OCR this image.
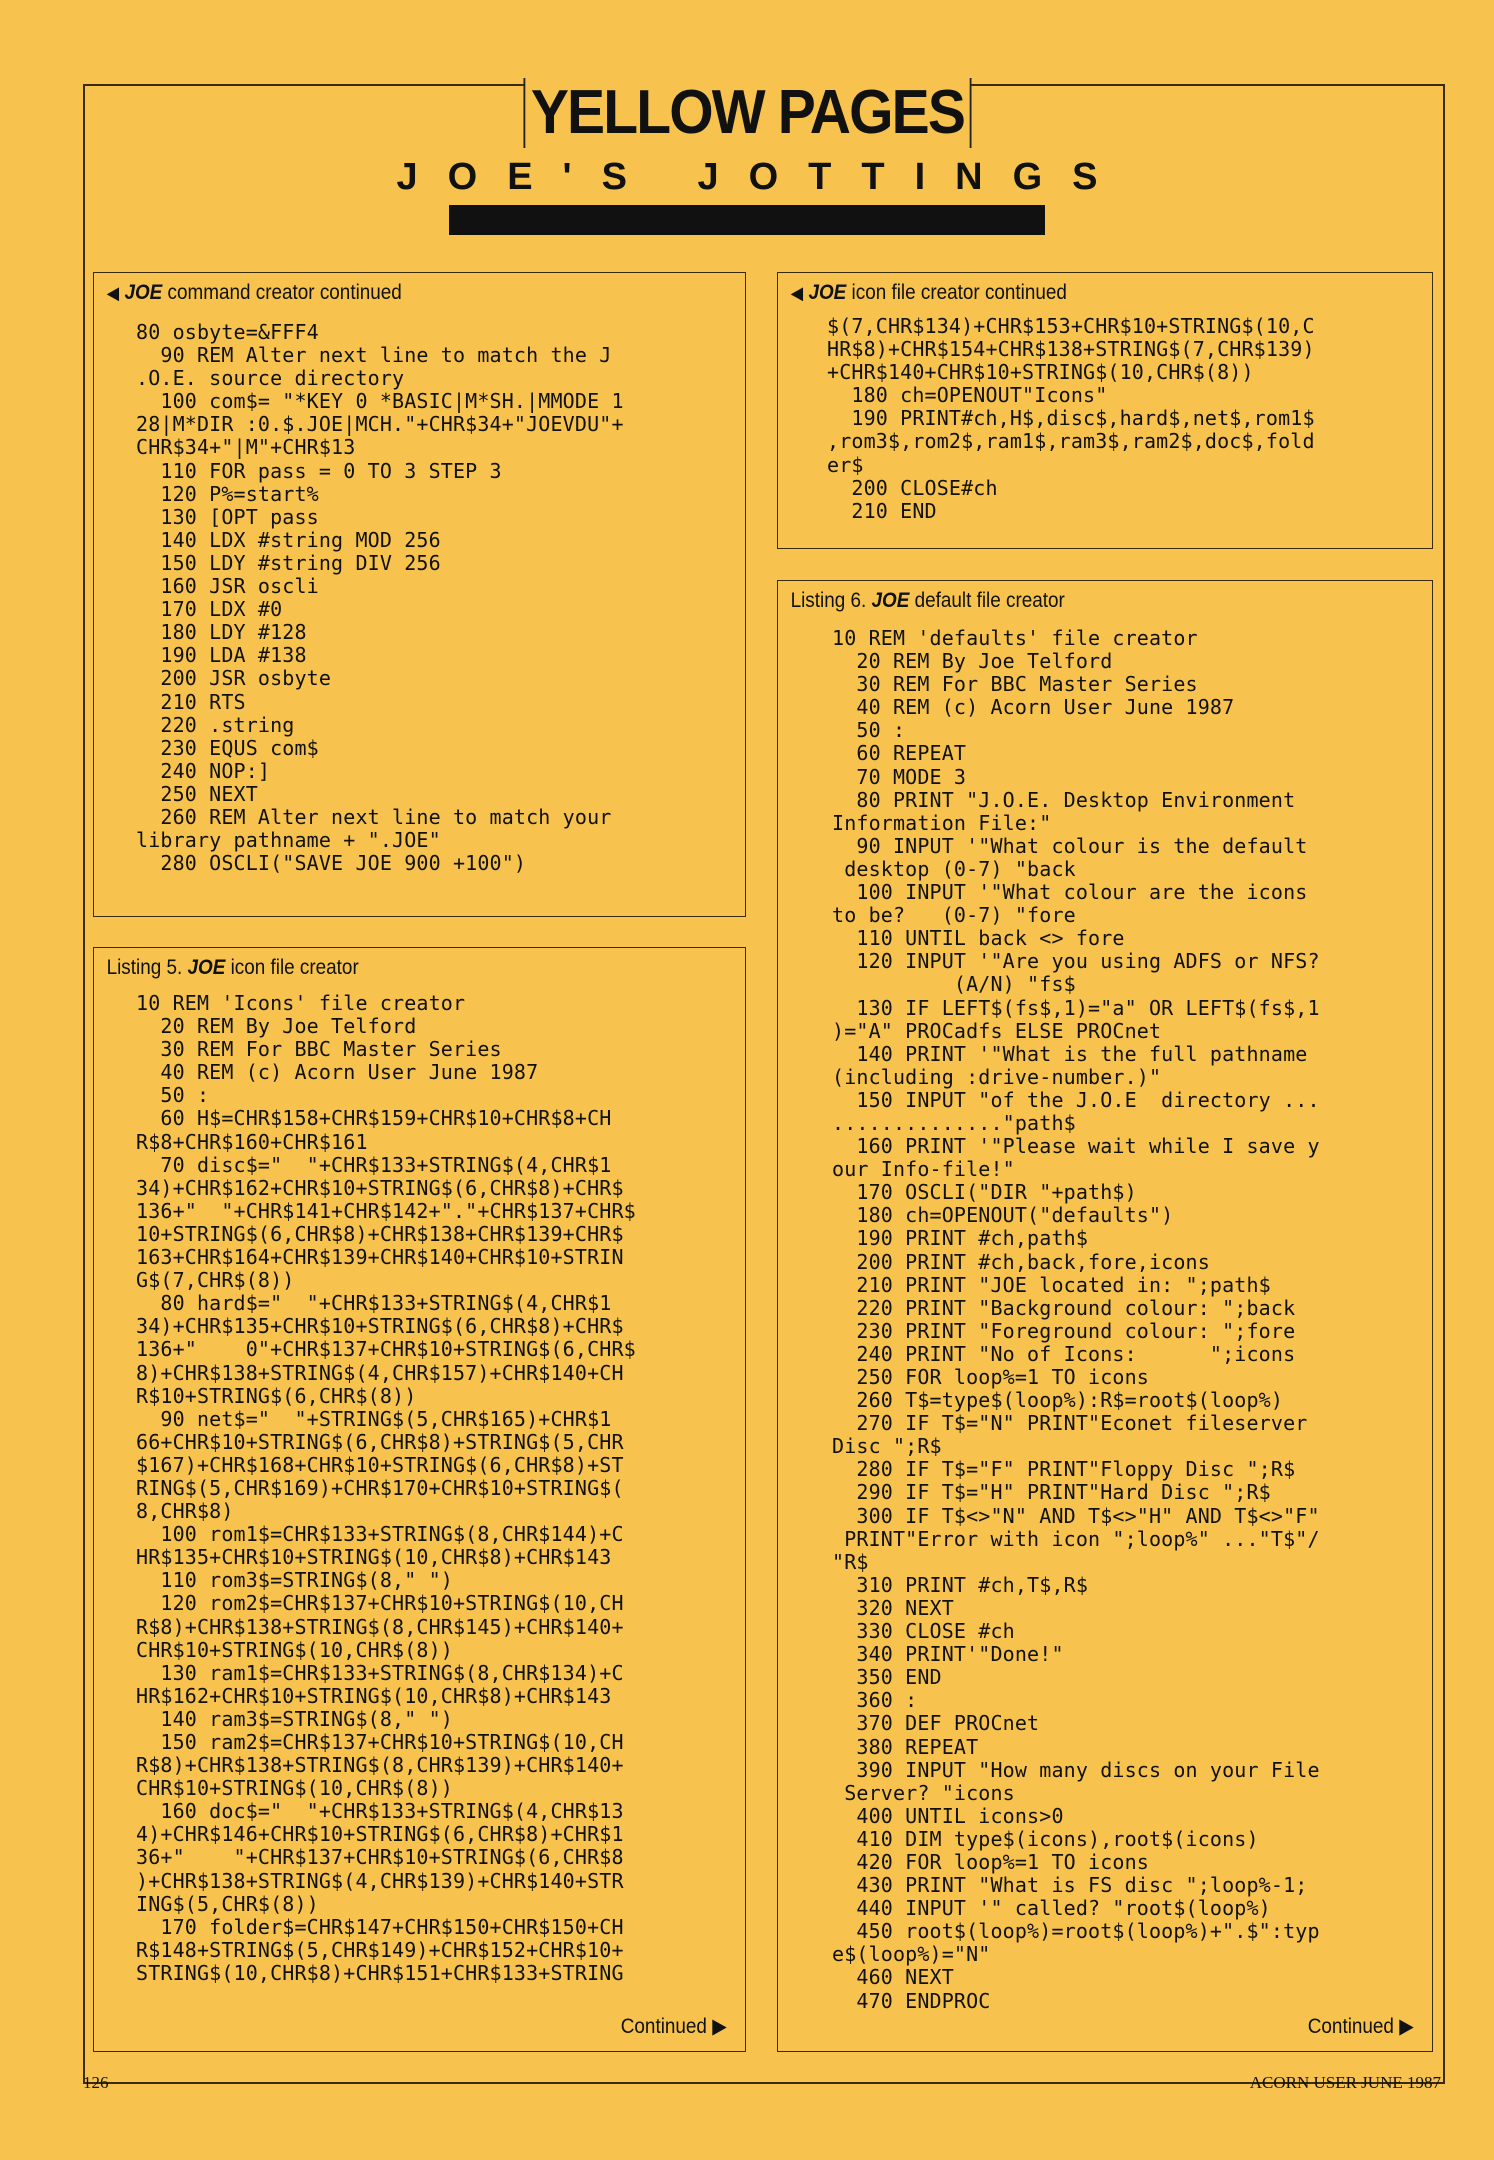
YELLOW PAGES
JOE'S JOTTINGS
◀ JOE command creator continued
80 osbyte=&FFF4
90 REM Alter next line to match the J
.O.E. source directory
100 com$= "*KEY 0 *BASIC|M*SH.|MMODE 1
28|M*DIR :0.$.JOE|MCH."+CHR$34+"JOEVDU"+
CHR$34+"|M"+CHR$13
110 FOR pass = 0 TO 3 STEP 3
120 P%=start%
130 [OPT pass
140 LDX #string MOD 256
150 LDY #string DIV 256
160 JSR oscli
170 LDX #0
180 LDY #128
190 LDA #138
200 JSR osbyte
210 RTS
220 .string
230 EQUS com$
240 NOP:]
250 NEXT
260 REM Alter next line to match your
library pathname + ".JOE"
280 OSCLI("SAVE JOE 900 +100")
Listing 5. JOE icon file creator
10 REM 'Icons' file creator
20 REM By Joe Telford
30 REM For BBC Master Series
40 REM (c) Acorn User June 1987
50 :
60 H$=CHR$158+CHR$159+CHR$10+CHR$8+CH
R$8+CHR$160+CHR$161
70 disc$="  "+CHR$133+STRING$(4,CHR$1
34)+CHR$162+CHR$10+STRING$(6,CHR$8)+CHR$
136+"  "+CHR$141+CHR$142+"."+CHR$137+CHR$
10+STRING$(6,CHR$8)+CHR$138+CHR$139+CHR$
163+CHR$164+CHR$139+CHR$140+CHR$10+STRIN
G$(7,CHR$(8))
80 hard$="  "+CHR$133+STRING$(4,CHR$1
34)+CHR$135+CHR$10+STRING$(6,CHR$8)+CHR$
136+"    0"+CHR$137+CHR$10+STRING$(6,CHR$
8)+CHR$138+STRING$(4,CHR$157)+CHR$140+CH
R$10+STRING$(6,CHR$(8))
90 net$="  "+STRING$(5,CHR$165)+CHR$1
66+CHR$10+STRING$(6,CHR$8)+STRING$(5,CHR
$167)+CHR$168+CHR$10+STRING$(6,CHR$8)+ST
RING$(5,CHR$169)+CHR$170+CHR$10+STRING$(
8,CHR$8)
100 rom1$=CHR$133+STRING$(8,CHR$144)+C
HR$135+CHR$10+STRING$(10,CHR$8)+CHR$143
110 rom3$=STRING$(8," ")
120 rom2$=CHR$137+CHR$10+STRING$(10,CH
R$8)+CHR$138+STRING$(8,CHR$145)+CHR$140+
CHR$10+STRING$(10,CHR$(8))
130 ram1$=CHR$133+STRING$(8,CHR$134)+C
HR$162+CHR$10+STRING$(10,CHR$8)+CHR$143
140 ram3$=STRING$(8," ")
150 ram2$=CHR$137+CHR$10+STRING$(10,CH
R$8)+CHR$138+STRING$(8,CHR$139)+CHR$140+
CHR$10+STRING$(10,CHR$(8))
160 doc$="  "+CHR$133+STRING$(4,CHR$13
4)+CHR$146+CHR$10+STRING$(6,CHR$8)+CHR$1
36+"    "+CHR$137+CHR$10+STRING$(6,CHR$8
)+CHR$138+STRING$(4,CHR$139)+CHR$140+STR
ING$(5,CHR$(8))
170 folder$=CHR$147+CHR$150+CHR$150+CH
R$148+STRING$(5,CHR$149)+CHR$152+CHR$10+
STRING$(10,CHR$8)+CHR$151+CHR$133+STRING
Continued ▶
◀ JOE icon file creator continued
$(7,CHR$134)+CHR$153+CHR$10+STRING$(10,C
HR$8)+CHR$154+CHR$138+STRING$(7,CHR$139)
+CHR$140+CHR$10+STRING$(10,CHR$(8))
180 ch=OPENOUT"Icons"
190 PRINT#ch,H$,disc$,hard$,net$,rom1$
,rom3$,rom2$,ram1$,ram3$,ram2$,doc$,fold
er$
200 CLOSE#ch
210 END
Listing 6. JOE default file creator
10 REM 'defaults' file creator
20 REM By Joe Telford
30 REM For BBC Master Series
40 REM (c) Acorn User June 1987
50 :
60 REPEAT
70 MODE 3
80 PRINT "J.O.E. Desktop Environment
Information File:"
90 INPUT '"What colour is the default
desktop (0-7) "back
100 INPUT '"What colour are the icons
to be?   (0-7) "fore
110 UNTIL back <> fore
120 INPUT '"Are you using ADFS or NFS?
(A/N) "fs$
130 IF LEFT$(fs$,1)="a" OR LEFT$(fs$,1
)="A" PROCadfs ELSE PROCnet
140 PRINT '"What is the full pathname
(including :drive-number.)"
150 INPUT "of the J.O.E  directory ...
.............."path$
160 PRINT '"Please wait while I save y
our Info-file!"
170 OSCLI("DIR "+path$)
180 ch=OPENOUT("defaults")
190 PRINT #ch,path$
200 PRINT #ch,back,fore,icons
210 PRINT "JOE located in: ";path$
220 PRINT "Background colour: ";back
230 PRINT "Foreground colour: ";fore
240 PRINT "No of Icons:      ";icons
250 FOR loop%=1 TO icons
260 T$=type$(loop%):R$=root$(loop%)
270 IF T$="N" PRINT"Econet fileserver
Disc ";R$
280 IF T$="F" PRINT"Floppy Disc ";R$
290 IF T$="H" PRINT"Hard Disc ";R$
300 IF T$<>"N" AND T$<>"H" AND T$<>"F"
PRINT"Error with icon ";loop%" ..."T$"/
"R$
310 PRINT #ch,T$,R$
320 NEXT
330 CLOSE #ch
340 PRINT'"Done!"
350 END
360 :
370 DEF PROCnet
380 REPEAT
390 INPUT "How many discs on your File
Server? "icons
400 UNTIL icons>0
410 DIM type$(icons),root$(icons)
420 FOR loop%=1 TO icons
430 PRINT "What is FS disc ";loop%-1;
440 INPUT '" called? "root$(loop%)
450 root$(loop%)=root$(loop%)+".$":typ
e$(loop%)="N"
460 NEXT
470 ENDPROC
Continued ▶
126	ACORN USER JUNE 1987
